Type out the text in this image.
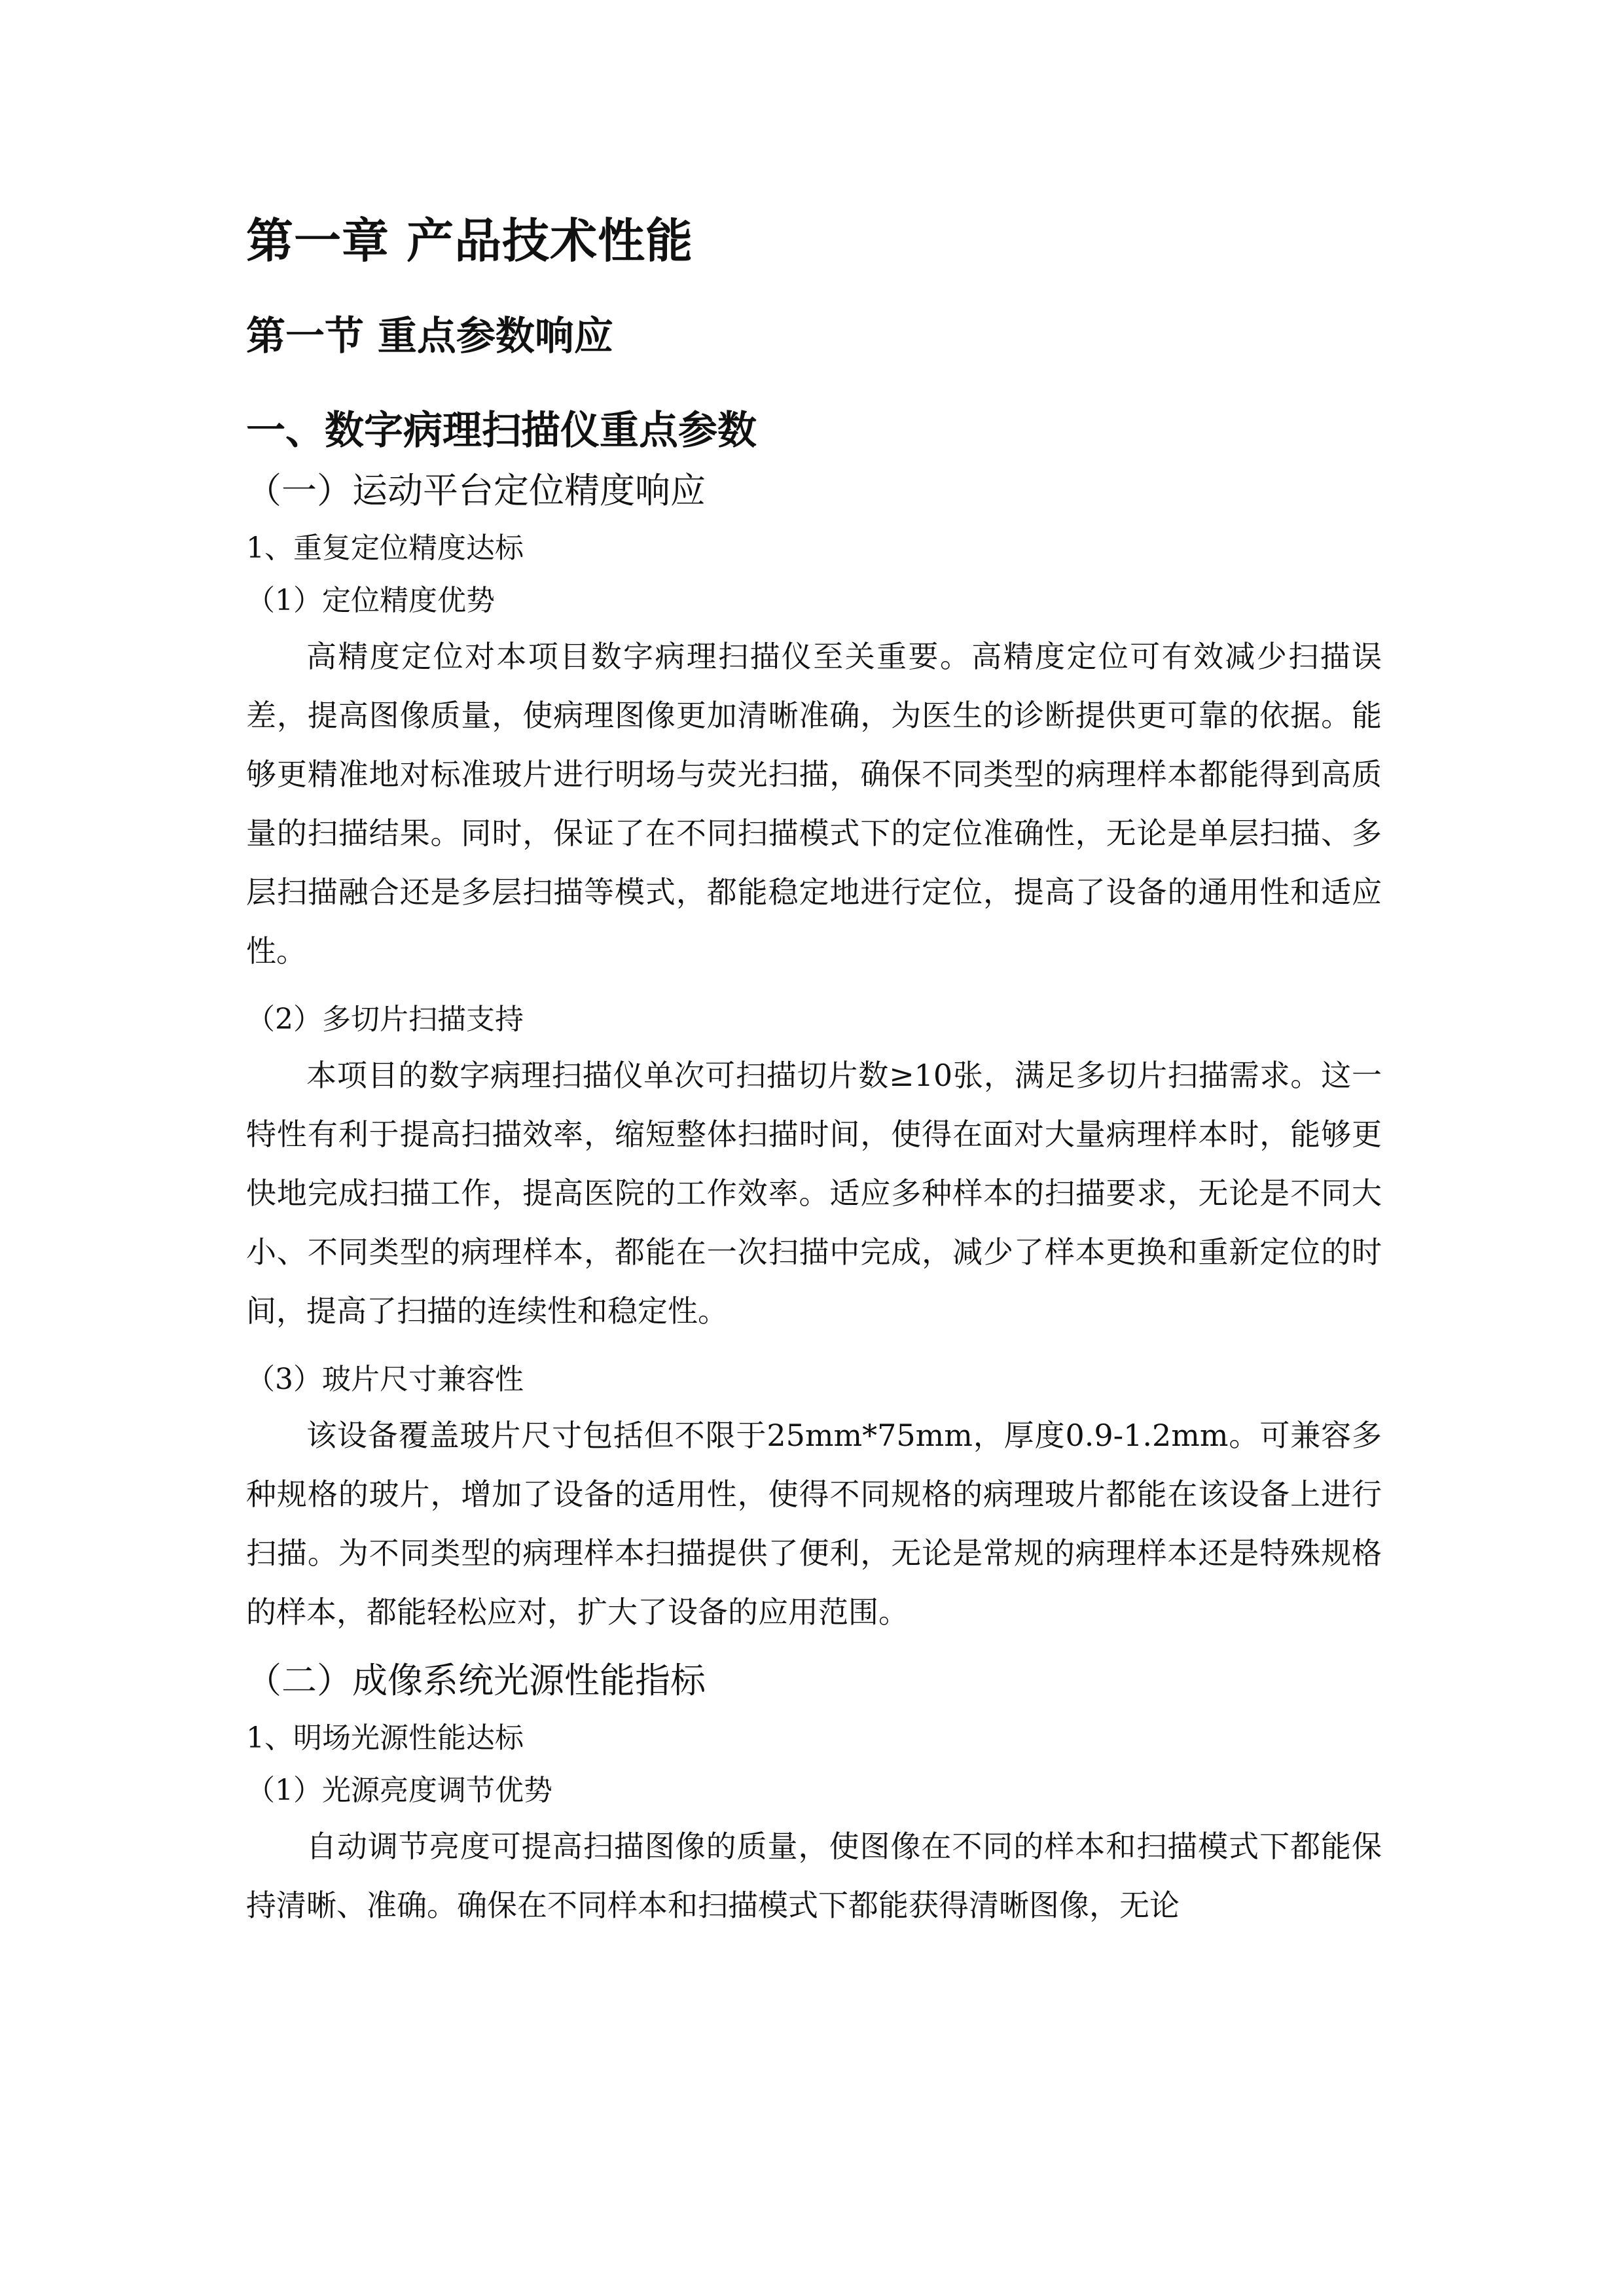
第一章 产品技术性能
第一节 重点参数响应
一、数字病理扫描仪重点参数
（一）运动平台定位精度响应
1、重复定位精度达标
（1）定位精度优势

高精度定位对本项目数字病理扫描仪至关重要。高精度定位可有效减少扫描误差，提高图像质量，使病理图像更加清晰准确，为医生的诊断提供更可靠的依据。能够更精准地对标准玻片进行明场与荧光扫描，确保不同类型的病理样本都能得到高质量的扫描结果。同时，保证了在不同扫描模式下的定位准确性，无论是单层扫描、多层扫描融合还是多层扫描等模式，都能稳定地进行定位，提高了设备的通用性和适应性。

（2）多切片扫描支持

本项目的数字病理扫描仪单次可扫描切片数≥10张，满足多切片扫描需求。这一特性有利于提高扫描效率，缩短整体扫描时间，使得在面对大量病理样本时，能够更快地完成扫描工作，提高医院的工作效率。适应多种样本的扫描要求，无论是不同大小、不同类型的病理样本，都能在一次扫描中完成，减少了样本更换和重新定位的时间，提高了扫描的连续性和稳定性。

（3）玻片尺寸兼容性

该设备覆盖玻片尺寸包括但不限于25mm*75mm，厚度0.9-1.2mm。可兼容多种规格的玻片，增加了设备的适用性，使得不同规格的病理玻片都能在该设备上进行扫描。为不同类型的病理样本扫描提供了便利，无论是常规的病理样本还是特殊规格的样本，都能轻松应对，扩大了设备的应用范围。

（二）成像系统光源性能指标
1、明场光源性能达标
（1）光源亮度调节优势

自动调节亮度可提高扫描图像的质量，使图像在不同的样本和扫描模式下都能保持清晰、准确。确保在不同样本和扫描模式下都能获得清晰图像，无论
